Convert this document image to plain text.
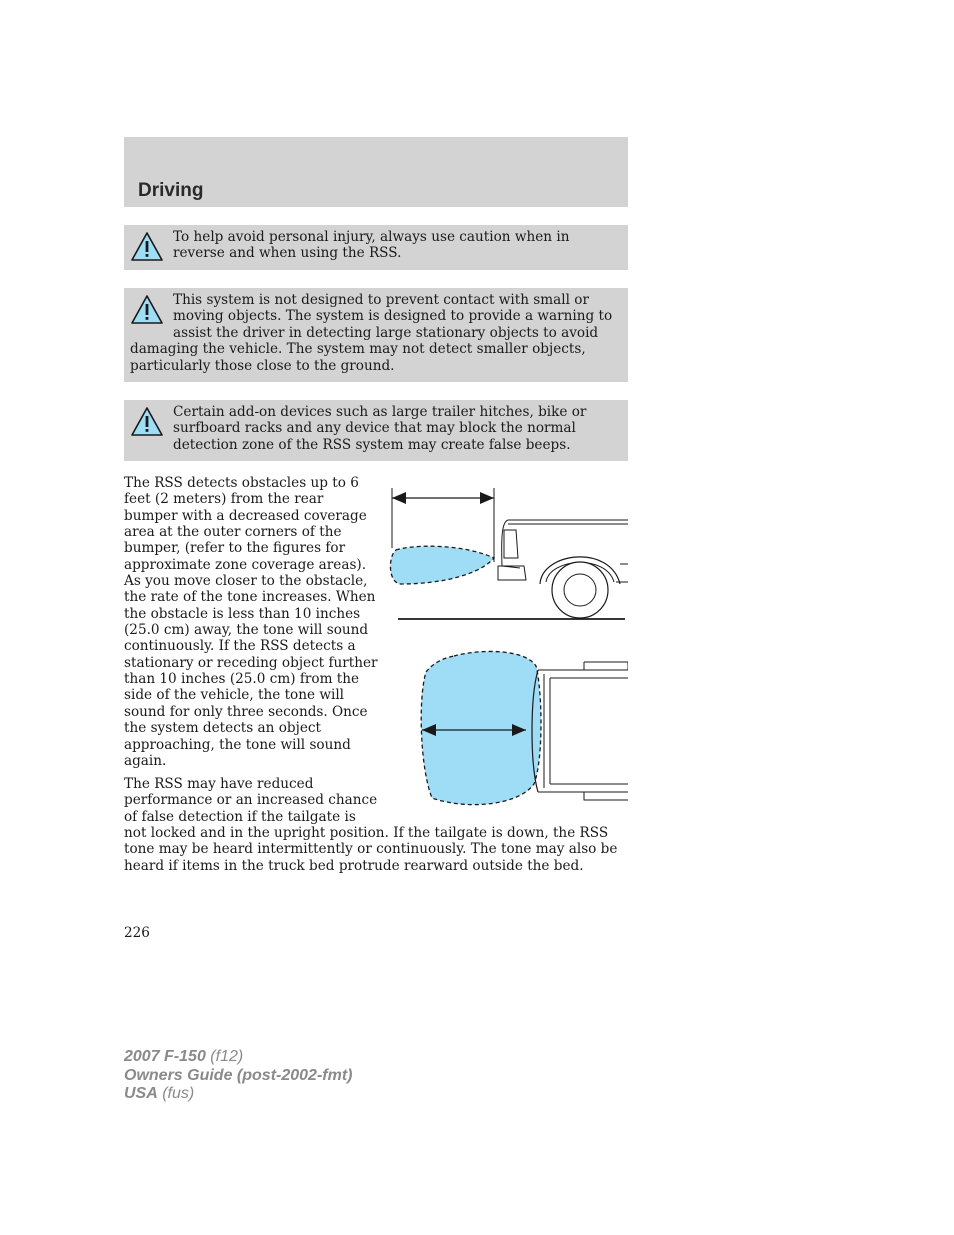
Driving

To help avoid personal injury, always use caution when in reverse and when using the RSS.

This system is not designed to prevent contact with small or moving objects. The system is designed to provide a warning to assist the driver in detecting large stationary objects to avoid damaging the vehicle. The system may not detect smaller objects, particularly those close to the ground.

Certain add-on devices such as large trailer hitches, bike or surfboard racks and any device that may block the normal detection zone of the RSS system may create false beeps.

The RSS detects obstacles up to 6 feet (2 meters) from the rear bumper with a decreased coverage area at the outer corners of the bumper, (refer to the figures for approximate zone coverage areas). As you move closer to the obstacle, the rate of the tone increases. When the obstacle is less than 10 inches (25.0 cm) away, the tone will sound continuously. If the RSS detects a stationary or receding object further than 10 inches (25.0 cm) from the side of the vehicle, the tone will sound for only three seconds. Once the system detects an object approaching, the tone will sound again.

The RSS may have reduced performance or an increased chance of false detection if the tailgate is

not locked and in the upright position. If the tailgate is down, the RSS tone may be heard intermittently or continuously. The tone may also be heard if items in the truck bed protrude rearward outside the bed.

226
2007 F-150 (f12)
Owners Guide (post-2002-fmt)
USA (fus)
